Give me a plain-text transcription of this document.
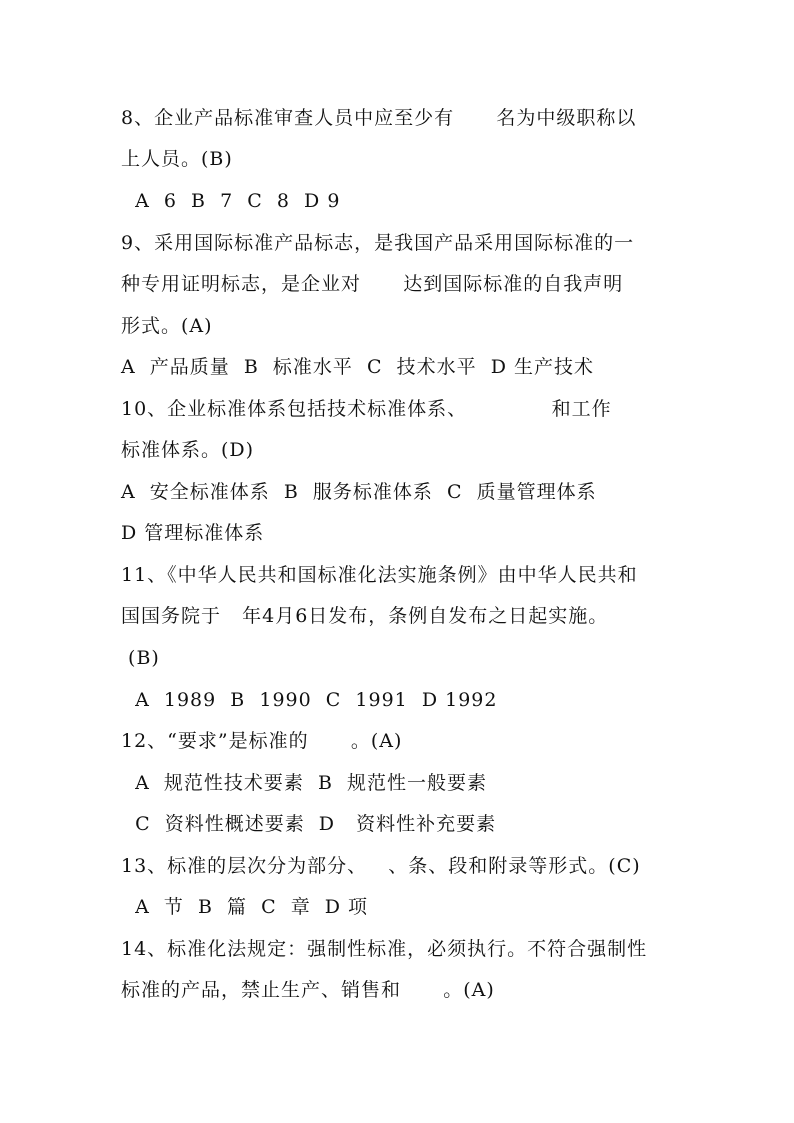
8、企业产品标准审查人员中应至少有      名为中级职称以
上人员。(B)
A  6  B  7  C  8  D 9
9、采用国际标准产品标志，是我国产品采用国际标准的一
种专用证明标志，是企业对      达到国际标准的自我声明
形式。(A)
A  产品质量  B  标准水平  C  技术水平  D 生产技术
10、企业标准体系包括技术标准体系、            和工作
标准体系。(D)
A  安全标准体系  B  服务标准体系  C  质量管理体系
D 管理标准体系
11、《中华人民共和国标准化法实施条例》由中华人民共和
国国务院于   年4月6日发布，条例自发布之日起实施。
(B)
A  1989  B  1990  C  1991  D 1992
12、“要求”是标准的      。(A)
A  规范性技术要素  B  规范性一般要素
C  资料性概述要素  D   资料性补充要素
13、标准的层次分为部分、   、条、段和附录等形式。(C)
A  节  B  篇  C  章  D 项
14、标准化法规定：强制性标准，必须执行。不符合强制性
标准的产品，禁止生产、销售和      。(A)
